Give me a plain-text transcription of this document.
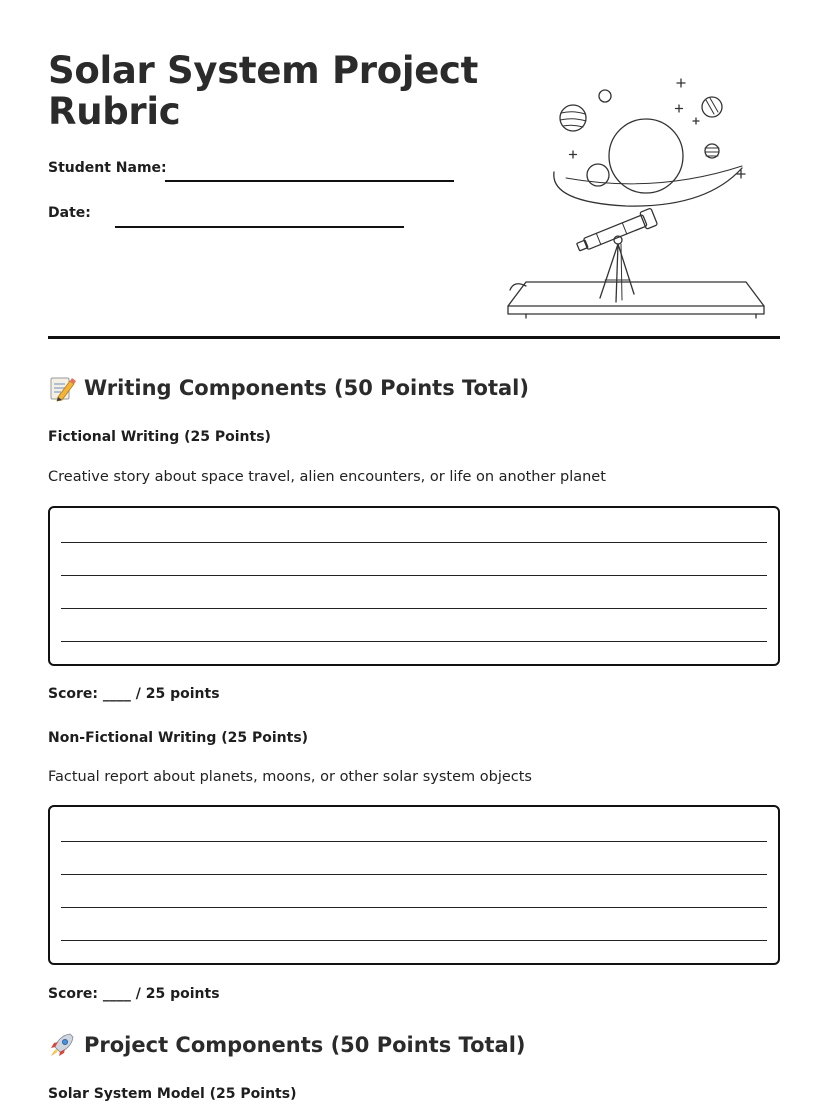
Solar System Project Rubric
Student Name:
Date:
Writing Components (50 Points Total)
Fictional Writing (25 Points)
Creative story about space travel, alien encounters, or life on another planet
Score: ____ / 25 points
Non-Fictional Writing (25 Points)
Factual report about planets, moons, or other solar system objects
Score: ____ / 25 points
Project Components (50 Points Total)
Solar System Model (25 Points)
